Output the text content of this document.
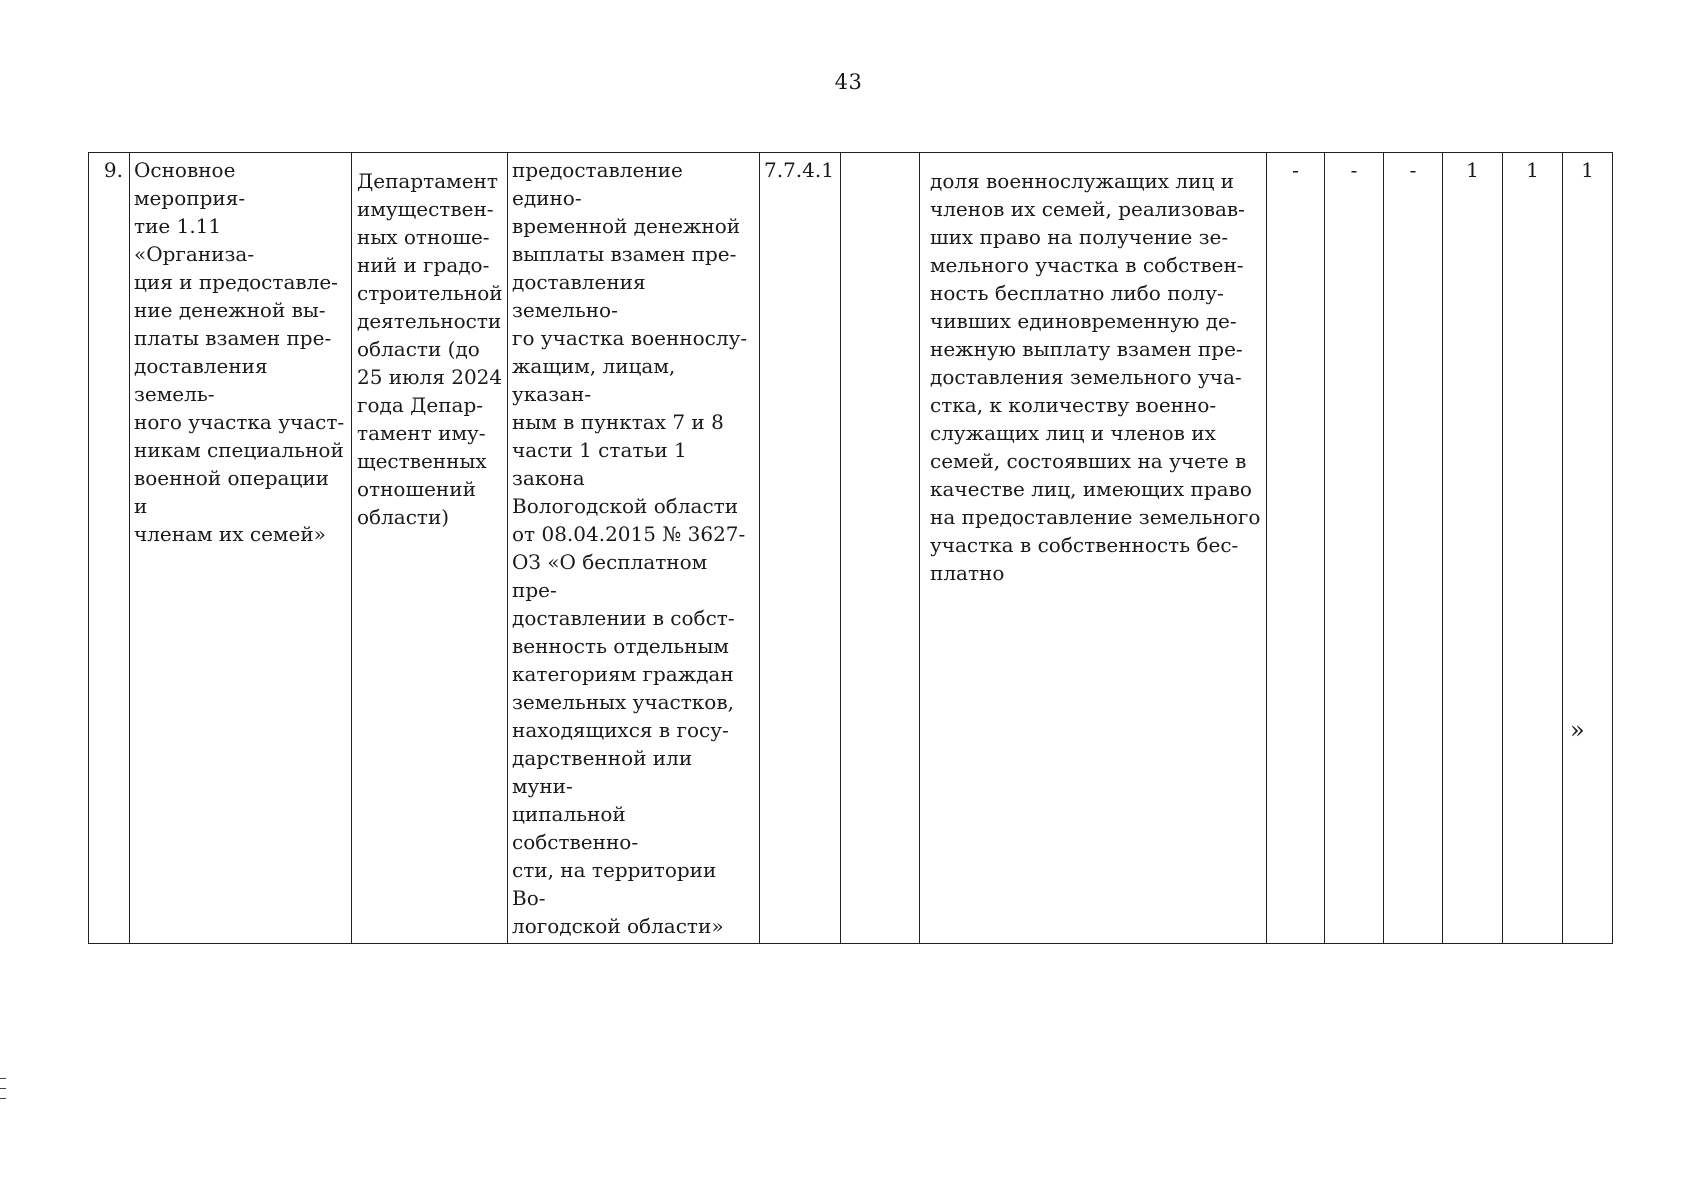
43
9.	Основное мероприя-
тие 1.11 «Организа-
ция и предоставле-
ние денежной вы-
платы взамен пре-
доставления земель-
ного участка участ-
никам специальной
военной операции и
членам их семей»	Департамент
имуществен-
ных отноше-
ний и градо-
строительной
деятельности
области (до
25 июля 2024
года Депар-
тамент иму-
щественных
отношений
области)	предоставление едино-
временной денежной
выплаты взамен пре-
доставления земельно-
го участка военнослу-
жащим, лицам, указан-
ным в пунктах 7 и 8
части 1 статьи 1 закона
Вологодской области
от 08.04.2015 № 3627-
ОЗ «О бесплатном пре-
доставлении в собст-
венность отдельным
категориям граждан
земельных участков,
находящихся в госу-
дарственной или муни-
ципальной собственно-
сти, на территории Во-
логодской области»	7.7.4.1		доля военнослужащих лиц и
членов их семей, реализовав-
ших право на получение зе-
мельного участка в собствен-
ность бесплатно либо полу-
чивших единовременную де-
нежную выплату взамен пре-
доставления земельного уча-
стка, к количеству военно-
служащих лиц и членов их
семей, состоявших на учете в
качестве лиц, имеющих право
на предоставление земельного
участка в собственность бес-
платно	-	-	-	1	1	1
»
